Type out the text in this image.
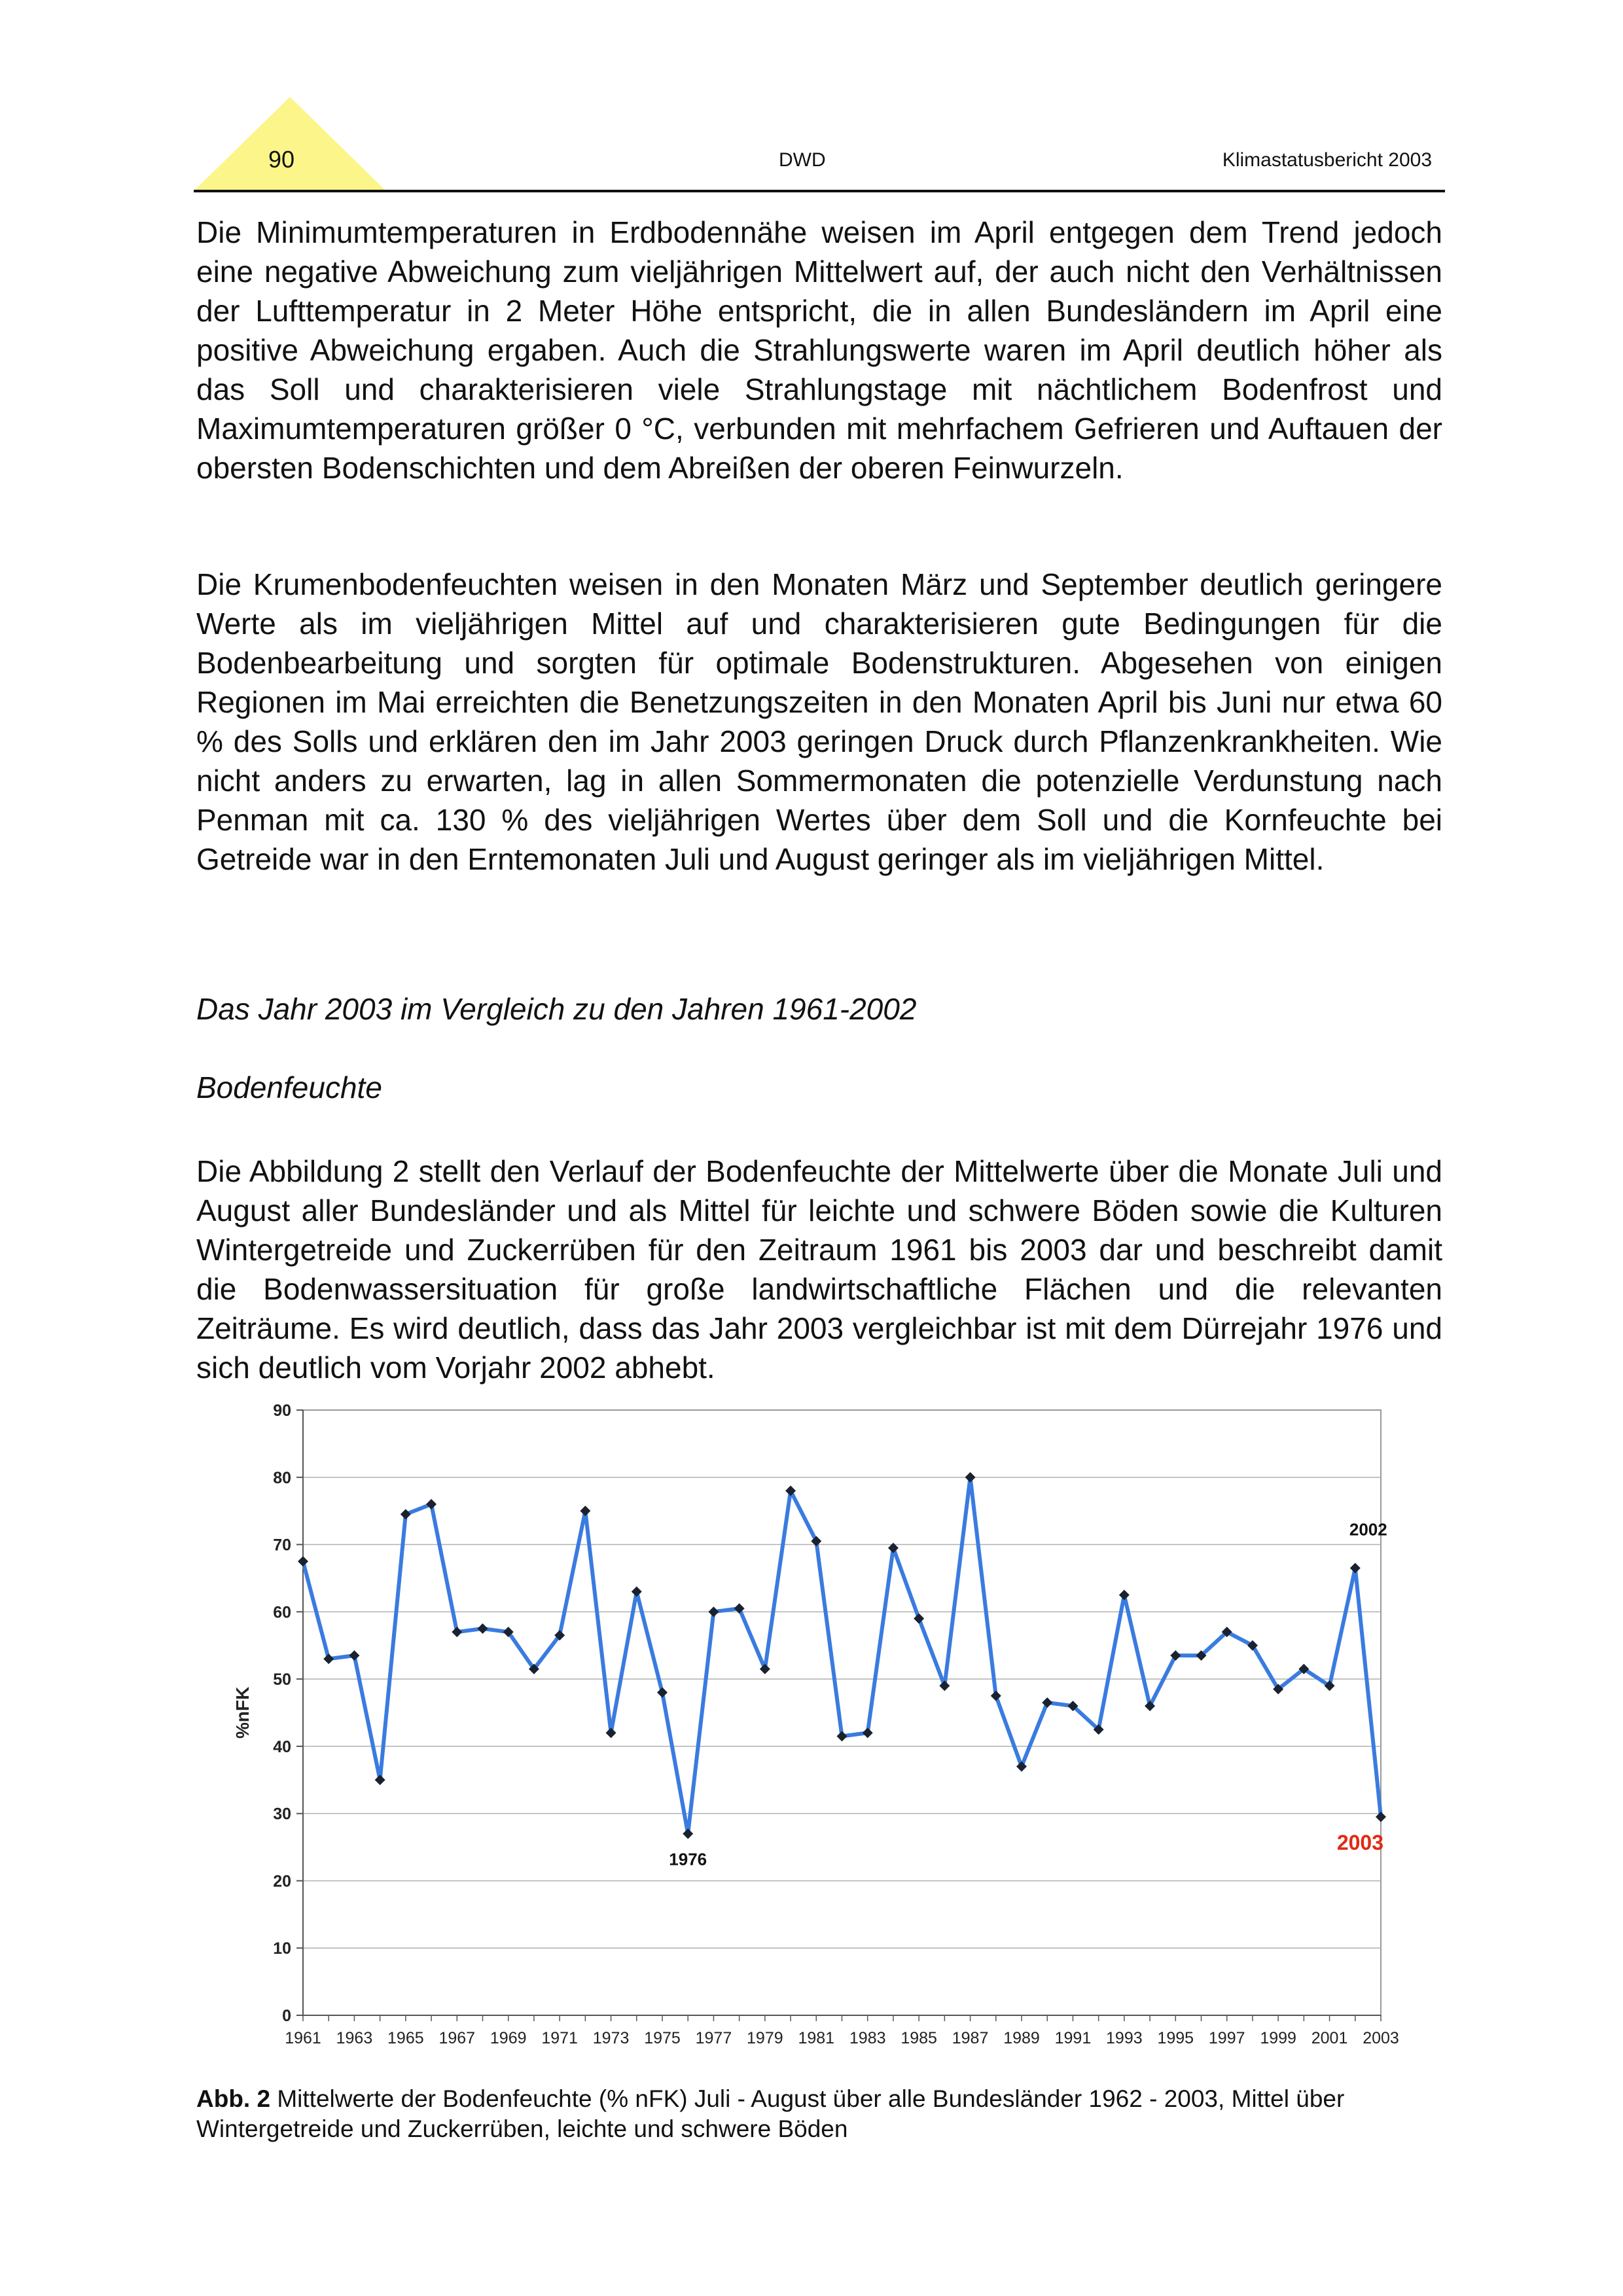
90	DWD	Klimastatusbericht 2003

Die Minimumtemperaturen in Erdbodennähe weisen im April entgegen dem Trend jedoch eine negative Abweichung zum vieljährigen Mittelwert auf, der auch nicht den Verhältnissen der Lufttemperatur in 2 Meter Höhe entspricht, die in allen Bundesländern im April eine positive Abweichung ergaben. Auch die Strahlungswerte waren im April deutlich höher als das Soll und charakterisieren viele Strahlungstage mit nächtlichem Bodenfrost und Maximumtemperaturen größer 0 °C, verbunden mit mehrfachem Gefrieren und Auftauen der obersten Bodenschichten und dem Abreißen der oberen Feinwurzeln.

Die Krumenbodenfeuchten weisen in den Monaten März und September deutlich geringere Werte als im vieljährigen Mittel auf und charakterisieren gute Bedingungen für die Bodenbearbeitung und sorgten für optimale Bodenstrukturen. Abgesehen von einigen Regionen im Mai erreichten die Benetzungszeiten in den Monaten April bis Juni nur etwa 60 % des Solls und erklären den im Jahr 2003 geringen Druck durch Pflanzenkrankheiten. Wie nicht anders zu erwarten, lag in allen Sommermonaten die potenzielle Verdunstung nach Penman mit ca. 130 % des vieljährigen Wertes über dem Soll und die Kornfeuchte bei Getreide war in den Erntemonaten Juli und August geringer als im vieljährigen Mittel.

Das Jahr 2003 im Vergleich zu den Jahren 1961-2002
Bodenfeuchte

Die Abbildung 2 stellt den Verlauf der Bodenfeuchte der Mittelwerte über die Monate Juli und August aller Bundesländer und als Mittel für leichte und schwere Böden sowie die Kulturen Wintergetreide und Zuckerrüben für den Zeitraum 1961 bis 2003 dar und beschreibt damit die Bodenwassersituation für große landwirtschaftliche Flächen und die relevanten Zeiträume. Es wird deutlich, dass das Jahr 2003 vergleichbar ist mit dem Dürrejahr 1976 und sich deutlich vom Vorjahr 2002 abhebt.

0
10
20
30
40
50
60
70
80
90
1961 1963 1965 1967 1969 1971 1973 1975 1977 1979 1981 1983 1985 1987 1989 1991 1993 1995 1997 1999 2001 2003
%nFK
1976
2002
2003
Abb. 2 Mittelwerte der Bodenfeuchte (% nFK) Juli - August über alle Bundesländer 1962 - 2003, Mittel über Wintergetreide und Zuckerrüben, leichte und schwere Böden
